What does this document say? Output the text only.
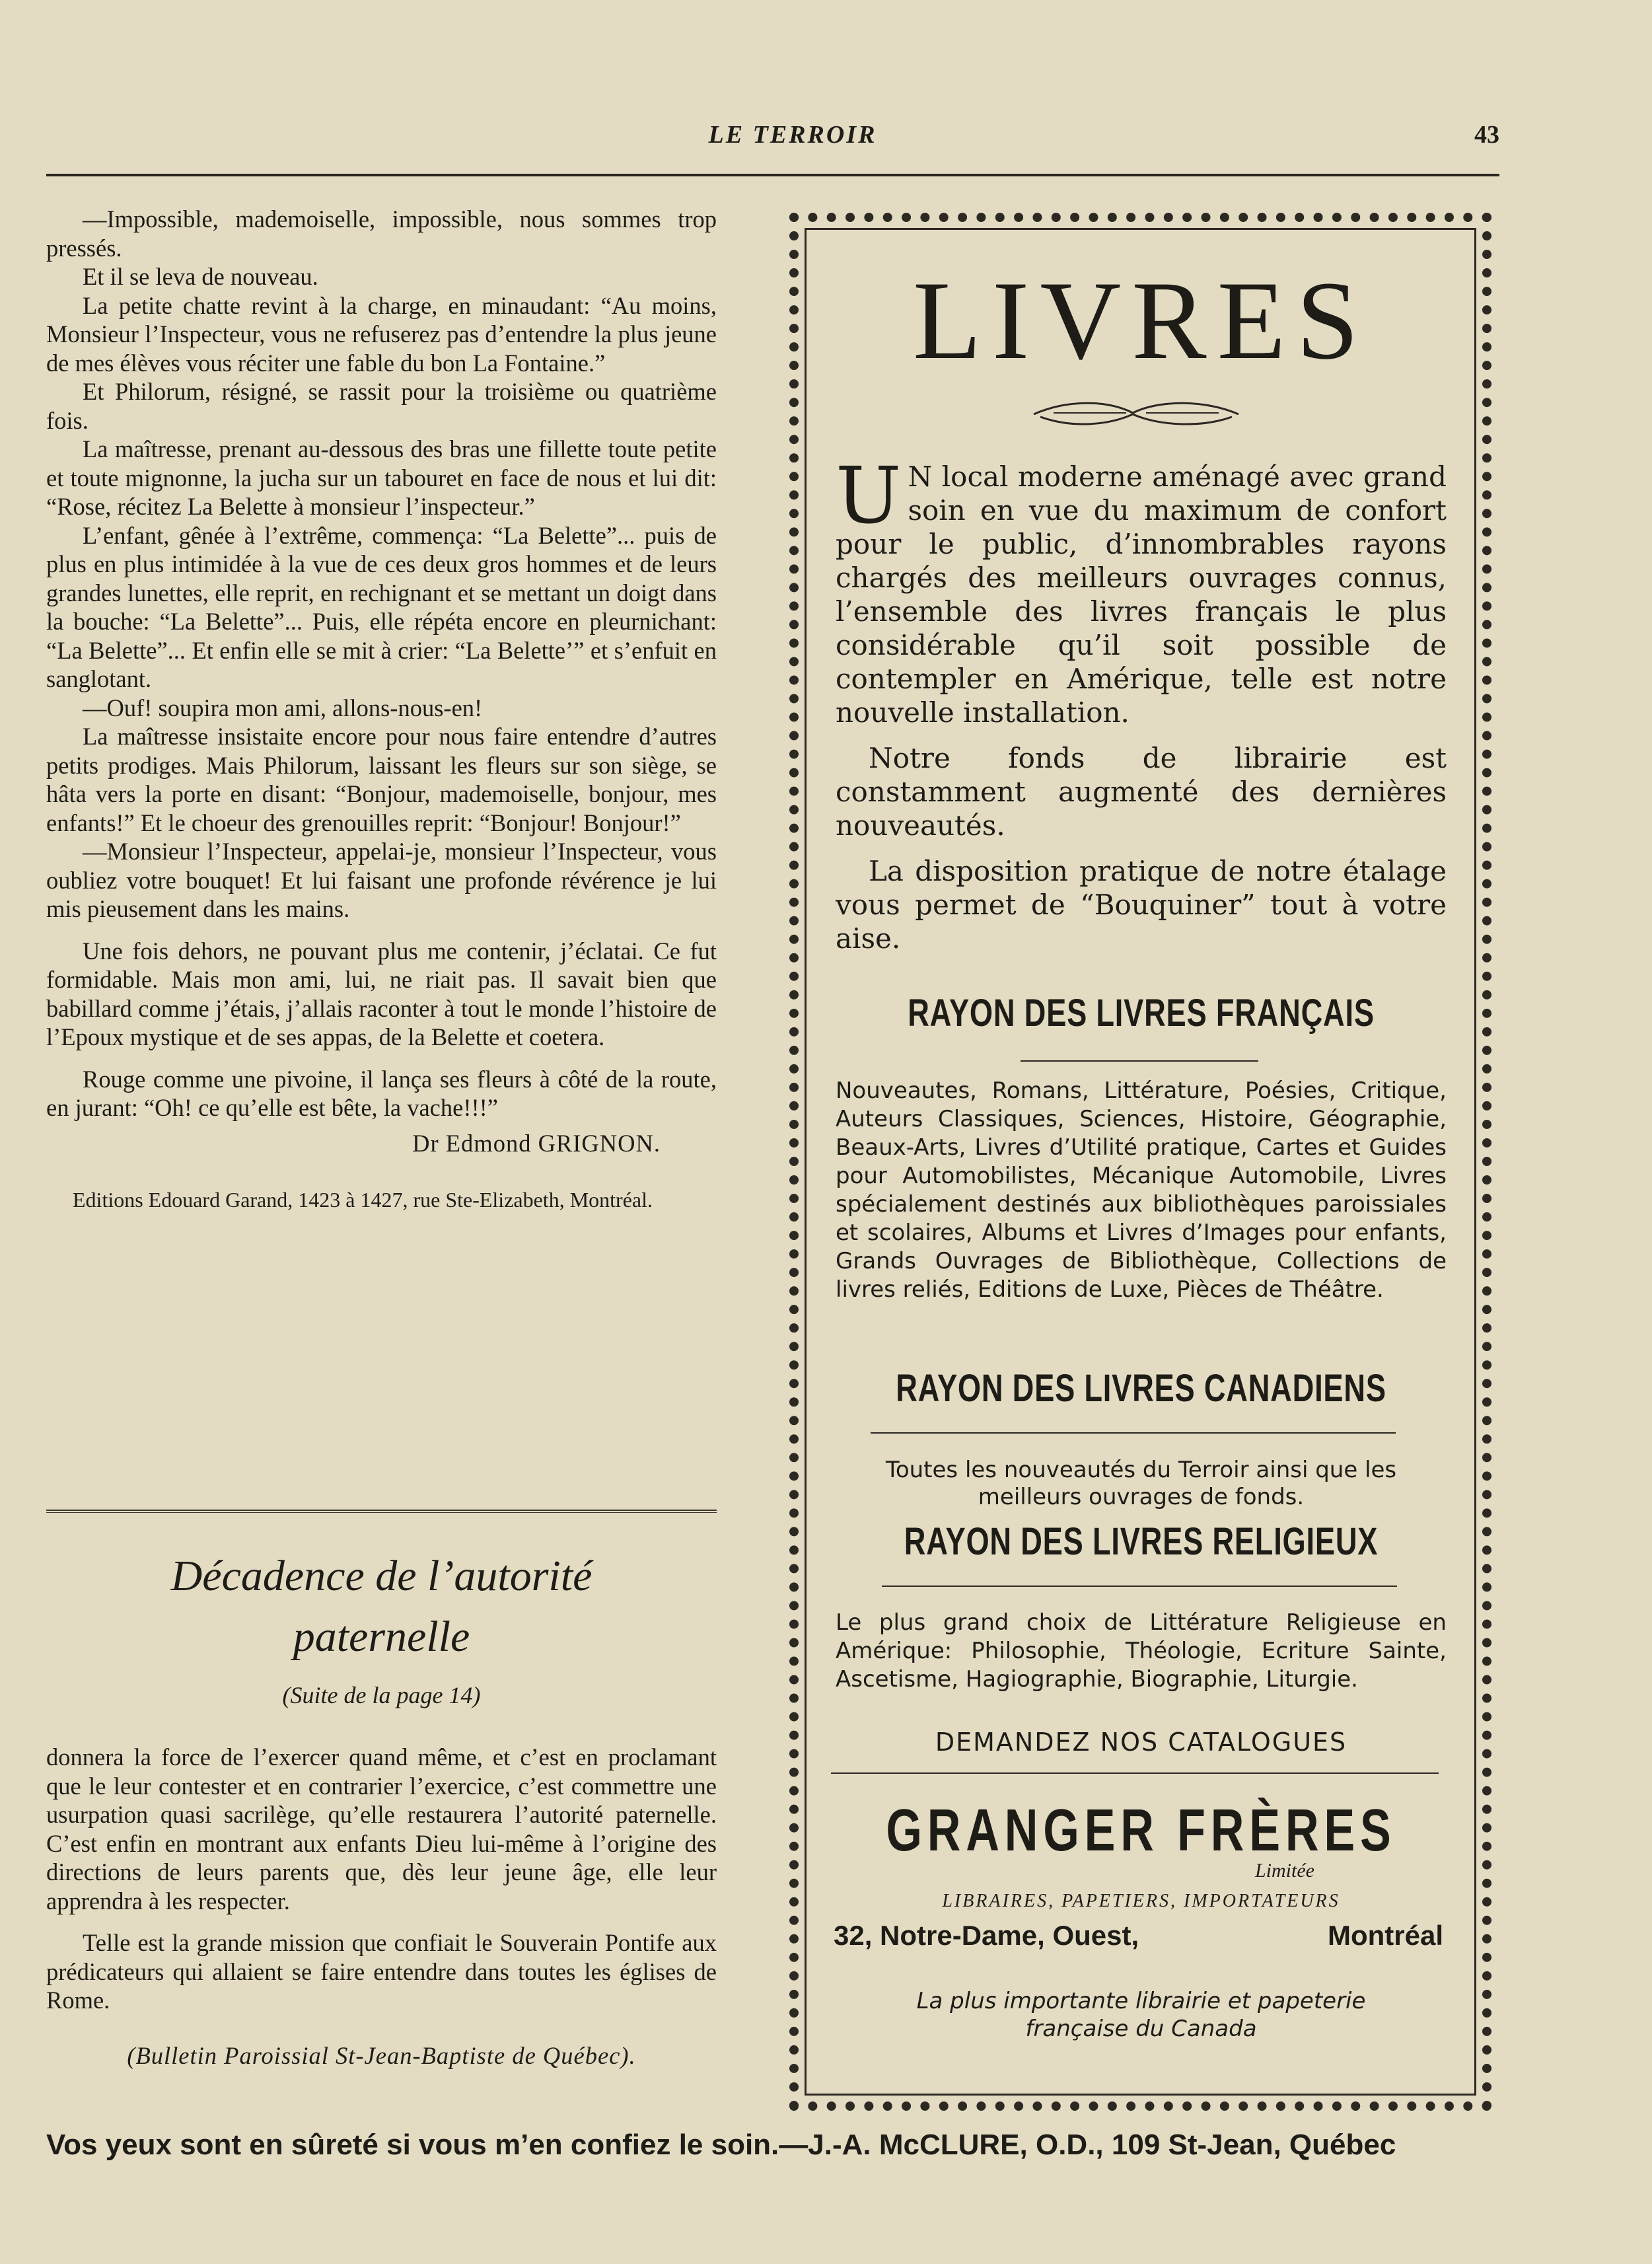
LE TERROIR	43

—Impossible, mademoiselle, impossible, nous sommes trop pressés.

Et il se leva de nouveau.

La petite chatte revint à la charge, en minaudant: “Au moins, Monsieur l’Inspecteur, vous ne refuserez pas d’entendre la plus jeune de mes élèves vous réciter une fable du bon La Fontaine.”

Et Philorum, résigné, se rassit pour la troisième ou quatrième fois.

La maîtresse, prenant au-dessous des bras une fillette toute petite et toute mignonne, la jucha sur un tabouret en face de nous et lui dit: “Rose, récitez La Belette à monsieur l’inspecteur.”

L’enfant, gênée à l’extrême, commença: “La Belette”... puis de plus en plus intimidée à la vue de ces deux gros hommes et de leurs grandes lunettes, elle reprit, en rechignant et se mettant un doigt dans la bouche: “La Belette”... Puis, elle répéta encore en pleurnichant: “La Belette”... Et enfin elle se mit à crier: “La Belette’” et s’enfuit en sanglotant.

—Ouf! soupira mon ami, allons-nous-en!

La maîtresse insistaite encore pour nous faire entendre d’autres petits prodiges. Mais Philorum, laissant les fleurs sur son siège, se hâta vers la porte en disant: “Bonjour, mademoiselle, bonjour, mes enfants!” Et le choeur des grenouilles reprit: “Bonjour! Bonjour!”

—Monsieur l’Inspecteur, appelai-je, monsieur l’Inspecteur, vous oubliez votre bouquet! Et lui faisant une profonde révérence je lui mis pieusement dans les mains.

Une fois dehors, ne pouvant plus me contenir, j’éclatai. Ce fut formidable. Mais mon ami, lui, ne riait pas. Il savait bien que babillard comme j’étais, j’allais raconter à tout le monde l’histoire de l’Epoux mystique et de ses appas, de la Belette et coetera.

Rouge comme une pivoine, il lança ses fleurs à côté de la route, en jurant: “Oh! ce qu’elle est bête, la vache!!!”

Dr Edmond GRIGNON.

Editions Edouard Garand, 1423 à 1427, rue Ste-Elizabeth, Montréal.

Décadence de l’autorité
paternelle
(Suite de la page 14)

donnera la force de l’exercer quand même, et c’est en proclamant que le leur contester et en contrarier l’exercice, c’est commettre une usurpation quasi sacrilège, qu’elle restaurera l’autorité paternelle. C’est enfin en montrant aux enfants Dieu lui-même à l’origine des directions de leurs parents que, dès leur jeune âge, elle leur apprendra à les respecter.

Telle est la grande mission que confiait le Souverain Pontife aux prédicateurs qui allaient se faire entendre dans toutes les églises de Rome.

(Bulletin Paroissial St-Jean-Baptiste de Québec).

LIVRES

U N local moderne aménagé avec grand soin en vue du maximum de confort pour le public, d’innombrables rayons chargés des meilleurs ouvrages connus, l’ensemble des livres français le plus considérable qu’il soit possible de contempler en Amérique, telle est notre nouvelle installation.

Notre fonds de librairie est constamment augmenté des dernières nouveautés.

La disposition pratique de notre étalage vous permet de “Bouquiner” tout à votre aise.

RAYON DES LIVRES FRANÇAIS
Nouveautes, Romans, Littérature, Poésies, Critique, Auteurs Classiques, Sciences, Histoire, Géographie, Beaux-Arts, Livres d’Utilité pratique, Cartes et Guides pour Automobilistes, Mécanique Automobile, Livres spécialement destinés aux bibliothèques paroissiales et scolaires, Albums et Livres d’Images pour enfants, Grands Ouvrages de Bibliothèque, Collections de livres reliés, Editions de Luxe, Pièces de Théâtre.
RAYON DES LIVRES CANADIENS
Toutes les nouveautés du Terroir ainsi que les meilleurs ouvrages de fonds.
RAYON DES LIVRES RELIGIEUX
Le plus grand choix de Littérature Religieuse en Amérique: Philosophie, Théologie, Ecriture Sainte, Ascetisme, Hagiographie, Biographie, Liturgie.
DEMANDEZ NOS CATALOGUES
GRANGER FRÈRES
Limitée
LIBRAIRES, PAPETIERS, IMPORTATEURS
32, Notre-Dame, Ouest,	Montréal
La plus importante librairie et papeterie
française du Canada
Vos yeux sont en sûreté si vous m’en confiez le soin.—J.-A. McCLURE, O.D., 109 St-Jean, Québec
